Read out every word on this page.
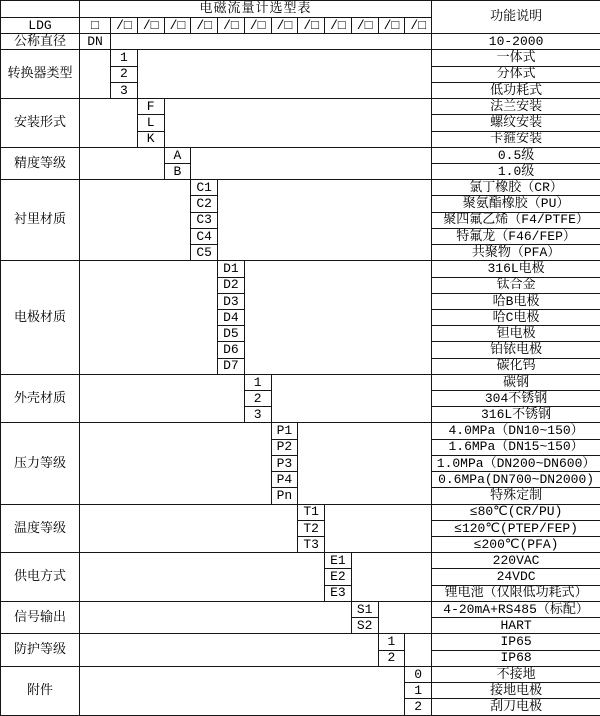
	电磁流量计选型表													功能说明
LDG	□	/□	/□	/□	/□	/□	/□	/□	/□	/□	/□	/□	/□	
公称直径	DN													10-2000
转换器类型		1												一体式
		2												分体式
		3												低功耗式
安装形式			F											法兰安装
			L											螺纹安装
			K											卡箍安装
精度等级				A										0.5级
				B										1.0级
衬里材质					C1									氯丁橡胶（CR）
					C2									聚氨酯橡胶（PU）
					C3									聚四氟乙烯（F4/PTFE）
					C4									特氟龙（F46/FEP）
					C5									共聚物（PFA）
电极材质						D1								316L电极
						D2								钛合金
						D3								哈B电极
						D4								哈C电极
						D5								钽电极
						D6								铂铱电极
						D7								碳化钨
外壳材质							1							碳钢
							2							304不锈钢
							3							316L不锈钢
压力等级								P1						4.0MPa（DN10~150）
								P2						1.6MPa（DN15~150）
								P3						1.0MPa（DN200~DN600）
								P4						0.6MPa(DN700~DN2000)
								Pn						特殊定制
温度等级									T1					≤80℃(CR/PU)
									T2					≤120℃(PTEP/FEP)
									T3					≤200℃(PFA)
供电方式										E1				220VAC
										E2				24VDC
										E3				锂电池（仅限低功耗式）
信号输出											S1			4-20mA+RS485（标配）
											S2			HART
防护等级												1		IP65
												2		IP68
附件													0	不接地
													1	接地电极
													2	刮刀电极
